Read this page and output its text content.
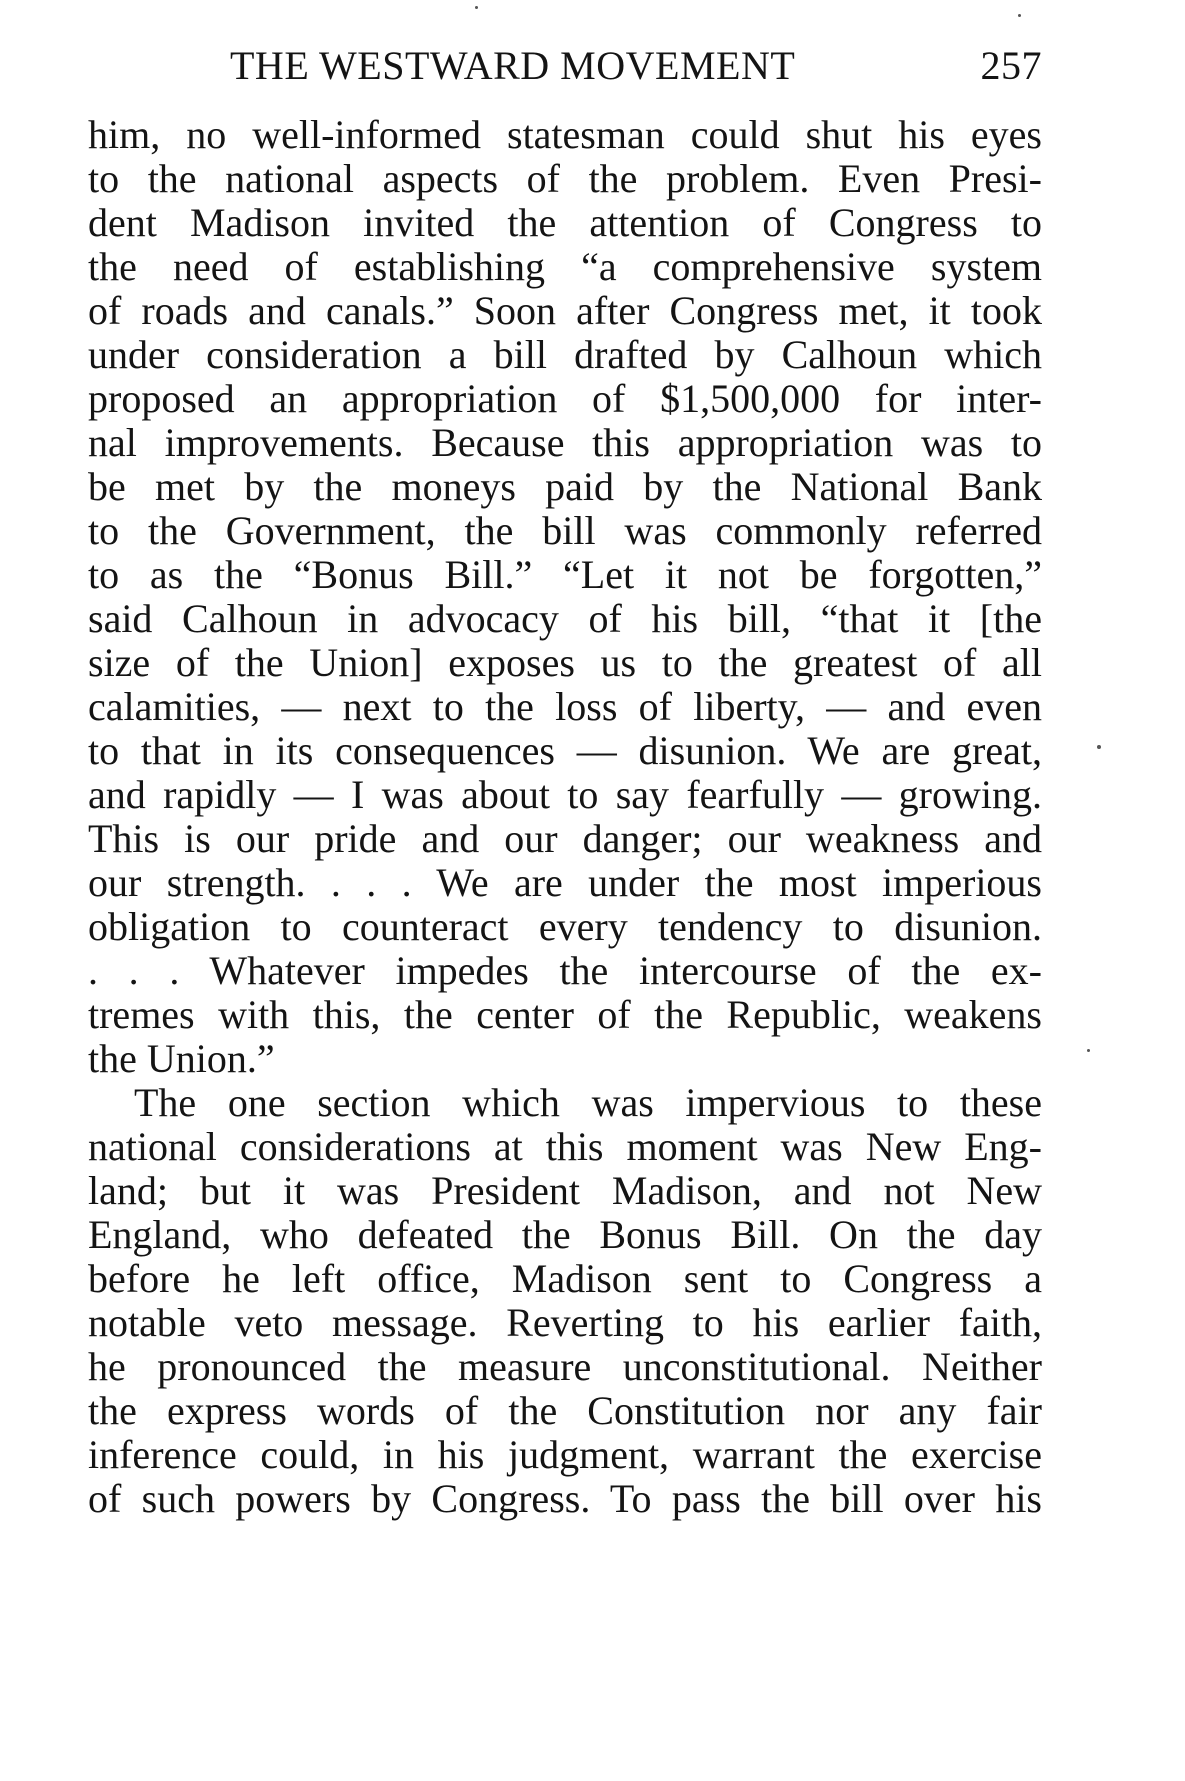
THE WESTWARD MOVEMENT	257
him, no well-informed statesman could shut his eyes
to the national aspects of the problem. Even Presi-
dent Madison invited the attention of Congress to
the need of establishing “a comprehensive system
of roads and canals.” Soon after Congress met, it took
under consideration a bill drafted by Calhoun which
proposed an appropriation of $1,500,000 for inter-
nal improvements. Because this appropriation was to
be met by the moneys paid by the National Bank
to the Government, the bill was commonly referred
to as the “Bonus Bill.” “Let it not be forgotten,”
said Calhoun in advocacy of his bill, “that it [the
size of the Union] exposes us to the greatest of all
calamities, — next to the loss of liberty, — and even
to that in its consequences — disunion. We are great,
and rapidly — I was about to say fearfully — growing.
This is our pride and our danger; our weakness and
our strength. . . . We are under the most imperious
obligation to counteract every tendency to disunion.
. . . Whatever impedes the intercourse of the ex-
tremes with this, the center of the Republic, weakens
the Union.”
The one section which was impervious to these
national considerations at this moment was New Eng-
land; but it was President Madison, and not New
England, who defeated the Bonus Bill. On the day
before he left office, Madison sent to Congress a
notable veto message. Reverting to his earlier faith,
he pronounced the measure unconstitutional. Neither
the express words of the Constitution nor any fair
inference could, in his judgment, warrant the exercise
of such powers by Congress. To pass the bill over his
